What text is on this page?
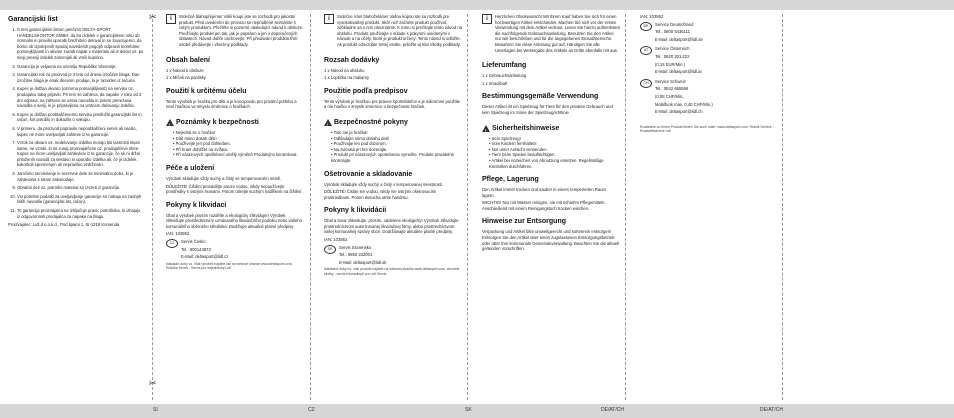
✂
✂
Garancijski list
1. S tem garancijskim listom jamčimo DELTA-SPORT HANDELSKONTOR GMBH, da bo izdelek v garancijskem roku ob normalni in pravilni uporabi brezhibno deloval in se zavezujemo, da bomo ob izpolnjenih spodaj navedenih pogojih odpravili morebitne pomanjkljivosti in okvare zaradi napak v materialu ali iz delovi oz. po svoji presoji izdelek zamenjali ali vrnili kupnino.
2. Garancija je veljavna na ozemlju Republike Slovenije.
3. Garancijski rok za proizvod je 3 leta od dneva izročitve blaga. Dan izročitve blaga je enak dnevom prodaje, ki je razviden iz računa.
4. Kupec je dolžan okvaro (oziroma pomanjkljivost) na servisu oz. prodajalcu takoj prijaviti. Pri tem se zahteva, da napake v roku od 3 dni odpravi, na zahtevo se ustna navodila in potem prerezana navodila o seriji, ki je pripravljena na vrstnem delovanju izdelka.
5. Kupec je dolžan pooblaščenemu servisu predložiti garancijski list in račun, kot potrdilo in dokazilo o nakupu.
6. V primeru, da proizvod popravilu nepooblaščeni servis ali osebo, kupec ne more uveljavljati zahteve iz te garancije.
7. Vzrok za okvaro oz. nedelovanje izdelka morajo biti lastnosti stvari same, ne vzroki, ki so zunaj proizvajalčeve oz. prodajalčeve sfere. Kupec ne more uveljavljati zahtevkov iz te garancije, če se ni držal priloženih navodil za sestavo in uporabo izdelka ali, če je izdelek kakorkoli spremenjen ali nepravilno vzdrževan.
8. Jamčimo servisiranje in rezervne dele za minimalno dobo, ki je zahtevana s strani zakonodaje.
9. Obrabni deli oz. potrošni material so izvzeti iz garancije.
10. Vsi potrebni podatki za uveljavljanje garancije se nahaja na zadnjih listih navodila (garancijski list, račun).
11. To garancija proizvajalca ne izključuje pravic potrošnika, ki izhajajo iz odgovornosti prodajalca za napake na blagu.

Proizvajalec: Lidl d.o.o.k.d., Pod lipami 1, SI-1218 Komenda

i	Srdečně blahopřejeme! Volili koupí jste se rozhodli pro jakostní produkt. Před uvedením do provozu se neprodleně seznamte s celým produktem. Přečtěte si pozorně následující návod k obsluze. Používejte produkt jen tak, jak je popsáno a jen v doporučených oblastech. Návod dobře uschovejte. Při předávání produktu třetí osobě předávejte i všechny podklady.

Obsah balení

1 x Návod k obsluze

1 x Míček na panlisky

Použití k určitému účelu

Tento výrobek je hračka pro děti a je koncipován pro privátní potřebu a není hračkou ve smyslu směrnice o hračkách.

!
Poznámky k bezpečnosti
• Nejedná se o hračku!
• Dítě mimo dosah dětí!
• Používejte jen pod dohledem.
• Při hraní dohlížet na zvířata.
• Při nárazových opotřebení umělý výměnít Prodalnými kontrolovat.
Péče a uložení

Výrobek skladujte vždy suchý a čistý ve temperovaném místě.

DŮLEŽITÉ! Čištění provádějte pouze vodou, nikdy nepoužívejte prostředky s ostrými hranami. Potom otírejte suchým hadříkem na čištění.

Pokyny k likvidaci

Obal a výrobek prosím rozdělte a ekologicky zlikvidujte! Výrobek zlikvidujte prostřednictvím uznávaného likvidačního podniku nebo vašeho komunálního sběrného střediska. Dodržujte aktuálně platné předpisy.

IAN: 103952

CZ	Servis Česko

Tel.: 800143873

E-Mail: deltasport@lidl.cz

Nákladní doby vs. Vlák výrobek najdete tak na webové stránce www.deltasport.com, Rubrika Servis - Servis pro objednávky Lidl

i	Srdečne Vám blahoželáme! Vašou kúpou ste sa rozhodli pre vysokokvalitný produkt. Skôr než začnete produkt používať, zdôkladne sa s ním oboznámte. K tomu si prečítajte tento návod na obsluhu. Produkt používajte v súlade s pokynmi uvedenými v návode a na účely, ktoré je produkt určený. Tento návod si odložte. Ak produkt odovzdáte tretej osobe, priložte aj túto všetky podklady.

Rozsah dodávky

1 x Návod na obsluhu

1 x Loptička na maliarny

Použitie podľa predpisov

Tento výrobok je hračkou pre právne spotrebiteľov a je súkromné použitie a nie hračku v zmysle smernice o bezpečnosti hračiek.

!
Bezpečnostné pokyny
• Toto nie je hračka!
• Odkladajte mimo dosahu detí!
• Používajte len pod dozorom.
• Na zvieratá pri hre dozerajte.
• Produkt pri nárazových opotrebenia vymeňte. Produkt pravidelne kontrolujte.
Ošetrovanie a skladovanie

Výrobok skladujte vždy suchý a čistý v temperovanej miestnosti.

DÔLEŽITÉ! Čistite len vodou, nikdy nie ostrými ošetrovacími prostriedkami. Potom dosucha utrite handrou.

Pokyny k likvidácii

Obal a tovar zlikvidujte, prosím, oddelene ekologicky! Výrobok zlikvidujte prostredníctvom autorizovanej likvidačnej firmy, alebo prostredníctvom vašej komunálnej správy obce. Dodržiavajte aktuálne platné predpisy.

IAN: 103952

SK	Servis Slovensko

Tel.: 0850 232001

E-Mail: deltasport@lidl.sk

Nákladné doby vs. Vaši produkt najdete na webovej stránke www.deltasport.com, servisné služby - servis infonadbydi pre Lidl Servis

i	Herzlichen Glückwunsch! Mit Ihrem Kauf haben Sie sich für einen hochwertigen Artikel entschieden. Machen Sie sich vor der ersten Verwendung mit dem Artikel vertraut. Lesen Sie hierzu aufmerksam die nachfolgende Gebrauchsanleitung. Benutzen Sie den Artikel nur wie beschrieben und für die angegebenen Einsatzbereiche. Bewahren Sie diese Anleitung gut auf. Händigen Sie alle Unterlagen bei Weitergabe des Artikels an Dritte ebenfalls mit aus.

Lieferumfang

1 x Gebrauchsanleitung

1 x Snackball

Bestimmungsgemäße Verwendung

Dieser Artikel ist ein Spielzeug für Tiere für den privaten Gebrauch und kein Spielzeug im Sinne der Spielzeugrichtlinie.

!
Sicherheitshinweise
• Kein Spielzeug!
• Vom Kindern fernhalten!
• Nur unter Aufsicht verwenden.
• Tiere beim Spielen beaufsichtigen.
• Artikel bei Anzeichen von Abnutzung ersetzen. Regelmäßige Kontrollen durchführen.
Pflege, Lagerung

Den Artikel immer trocken und sauber in einem temperierten Raum lagern.

WICHTIG! Nur mit Wasser reinigen, nie mit scharfen Pflegemitteln. Anschließend mit einem Reinigungstuch trocken wischen.

Hinweise zur Entsorgung

Verpackung und Artikel bitte umweltgerecht und sortenrein entsorgen! Entsorgen Sie den Artikel über einen zugelassenen Entsorgungsbetrieb oder über Ihre kommunale Gemeindeverwaltung. Beachten Sie die aktuell geltenden Vorschriften.

IAN: 103952

DE	Service Deutschland

Tel.: 0800 5435111

E-Mail: deltasport@lidl.de

AT	Service Österreich

Tel.: 0820 201 222

(0,15 EUR/Min.)

E-Mail: deltasport@lidl.at

CH	Service Schweiz

Tel.: 0842 665566

(0,08 CHF/Min.,

Mobilfunk max. 0,40 CHF/Min.)

E-Mail: deltasport@lidl.ch

Ersatzteile zu Ihrem Produkt finden Sie auch unter: www.deltasport.com, Rubrik Service - Ersatzteilservice Lidl

SI	CZ	SK	DE/AT/CH	DE/AT/CH
